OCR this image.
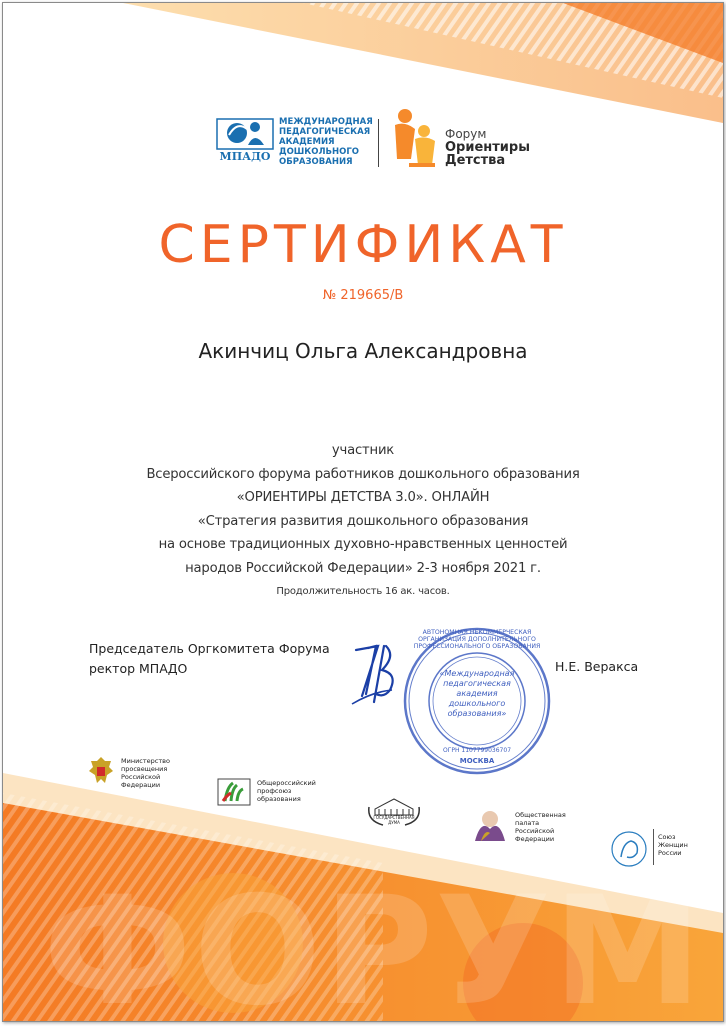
ФОРУМ
МПАДО
МЕЖДУНАРОДНАЯ
ПЕДАГОГИЧЕСКАЯ
АКАДЕМИЯ
ДОШКОЛЬНОГО
ОБРАЗОВАНИЯ
Форум
Ориентиры
Детства
СЕРТИФИКАТ
№ 219665/В
Акинчиц Ольга Александровна
участник
Всероссийского форума работников дошкольного образования
«ОРИЕНТИРЫ ДЕТСТВА 3.0». ОНЛАЙН
«Стратегия развития дошкольного образования
на основе традиционных духовно-нравственных ценностей
народов Российской Федерации» 2-3 ноября 2021 г.
Продолжительность 16 ак. часов.
Председатель Оргкомитета Форума
ректор МПАДО	Н.Е. Веракса
АВТОНОМНАЯ НЕКОММЕРЧЕСКАЯ ОРГАНИЗАЦИЯ ДОПОЛНИТЕЛЬНОГО ПРОФЕССИОНАЛЬНОГО ОБРАЗОВАНИЯ
«Международная
педагогическая
академия
дошкольного
образования»
ОГРН 1107799036707
МОСКВА
Министерство
просвещения
Российской
Федерации	Общероссийский
профсоюз
образования
ГОСУДАРСТВЕННАЯ
ДУМА
Общественная
палата
Российской
Федерации	Союз
Женщин
России
